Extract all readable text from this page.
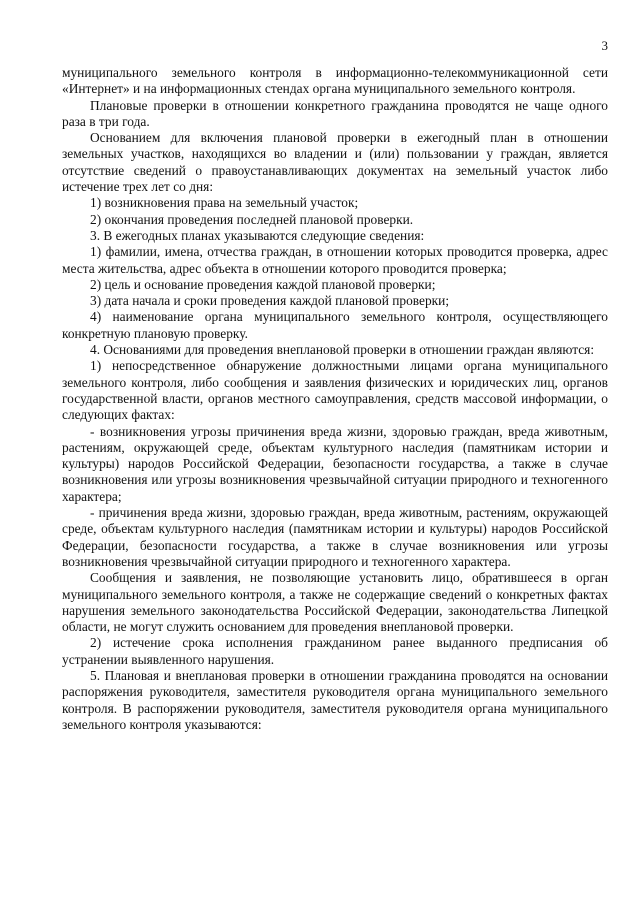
3

муниципального земельного контроля в информационно-телекоммуникационной сети «Интернет» и на информационных стендах органа муниципального земельного контроля.

Плановые проверки в отношении конкретного гражданина проводятся не чаще одного раза в три года.

Основанием для включения плановой проверки в ежегодный план в отношении земельных участков, находящихся во владении и (или) пользовании у граждан, является отсутствие сведений о правоустанавливающих документах на земельный участок либо истечение трех лет со дня:

1) возникновения права на земельный участок;

2) окончания проведения последней плановой проверки.

3. В ежегодных планах указываются следующие сведения:

1) фамилии, имена, отчества граждан, в отношении которых проводится проверка, адрес места жительства, адрес объекта в отношении которого проводится проверка;

2) цель и основание проведения каждой плановой проверки;

3) дата начала и сроки проведения каждой плановой проверки;

4) наименование органа муниципального земельного контроля, осуществляющего конкретную плановую проверку.

4. Основаниями для проведения внеплановой проверки в отношении граждан являются:

1) непосредственное обнаружение должностными лицами органа муниципального земельного контроля, либо сообщения и заявления физических и юридических лиц, органов государственной власти, органов местного самоуправления, средств массовой информации, о следующих фактах:

- возникновения угрозы причинения вреда жизни, здоровью граждан, вреда животным, растениям, окружающей среде, объектам культурного наследия (памятникам истории и культуры) народов Российской Федерации, безопасности государства, а также в случае возникновения или угрозы возникновения чрезвычайной ситуации природного и техногенного характера;

- причинения вреда жизни, здоровью граждан, вреда животным, растениям, окружающей среде, объектам культурного наследия (памятникам истории и культуры) народов Российской Федерации, безопасности государства, а также в случае возникновения или угрозы возникновения чрезвычайной ситуации природного и техногенного характера.

Сообщения и заявления, не позволяющие установить лицо, обратившееся в орган муниципального земельного контроля, а также не содержащие сведений о конкретных фактах нарушения земельного законодательства Российской Федерации, законодательства Липецкой области, не могут служить основанием для проведения внеплановой проверки.

2) истечение срока исполнения гражданином ранее выданного предписания об устранении выявленного нарушения.

5. Плановая и внеплановая проверки в отношении гражданина проводятся на основании распоряжения руководителя, заместителя руководителя органа муниципального земельного контроля. В распоряжении руководителя, заместителя руководителя органа муниципального земельного контроля указываются:
